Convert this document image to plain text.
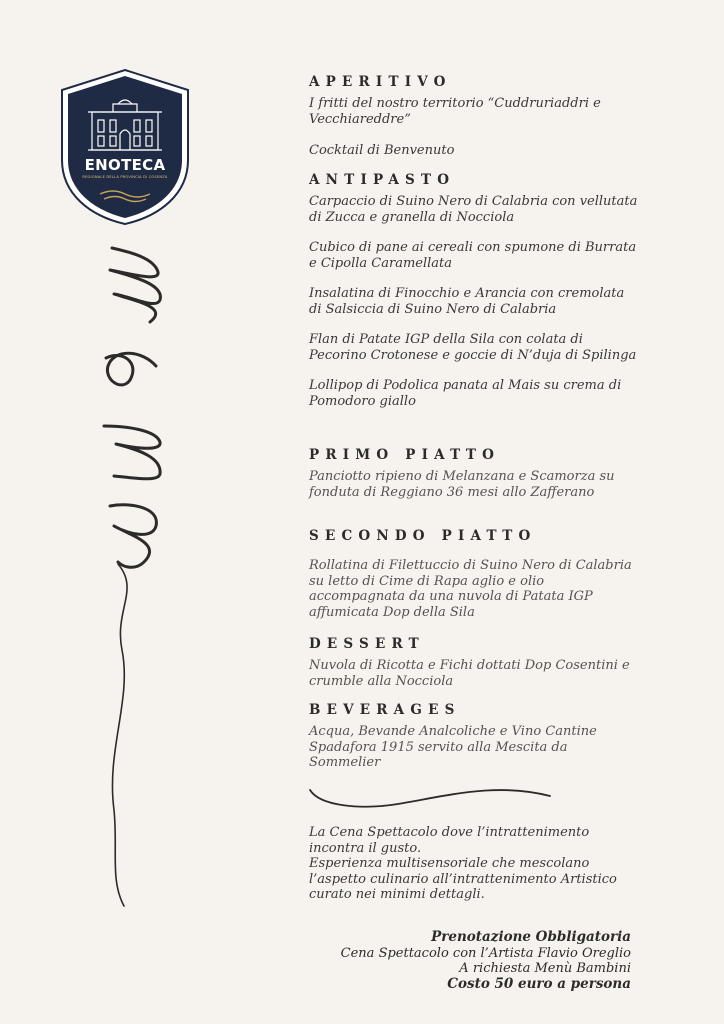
ENOTECA
REGIONALE DELLA PROVINCIA DI COSENZA
APERITIVO

I fritti del nostro territorio “Cuddruriaddri e Vecchiareddre”

Cocktail di Benvenuto

ANTIPASTO

Carpaccio di Suino Nero di Calabria con vellutata di Zucca e granella di Nocciola

Cubico di pane ai cereali con spumone di Burrata e Cipolla Caramellata

Insalatina di Finocchio e Arancia con cremolata di Salsiccia di Suino Nero di Calabria

Flan di Patate IGP della Sila con colata di Pecorino Crotonese e goccie di N’duja di Spilinga

Lollipop di Podolica panata al Mais su crema di Pomodoro giallo

PRIMO PIATTO

Panciotto ripieno di Melanzana e Scamorza su fonduta di Reggiano 36 mesi allo Zafferano

SECONDO PIATTO

Rollatina di Filettuccio di Suino Nero di Calabria su letto di Cime di Rapa aglio e olio accompagnata da una nuvola di Patata IGP affumicata Dop della Sila

DESSERT

Nuvola di Ricotta e Fichi dottati Dop Cosentini e crumble alla Nocciola

BEVERAGES

Acqua, Bevande Analcoliche e Vino Cantine Spadafora 1915 servito alla Mescita da Sommelier

La Cena Spettacolo dove l’intrattenimento incontra il gusto.

Esperienza multisensoriale che mescolano l’aspetto culinario all’intrattenimento Artistico curato nei minimi dettagli.

Prenotazione Obbligatoria

Cena Spettacolo con l’Artista Flavio Oreglio

A richiesta Menù Bambini

Costo 50 euro a persona
